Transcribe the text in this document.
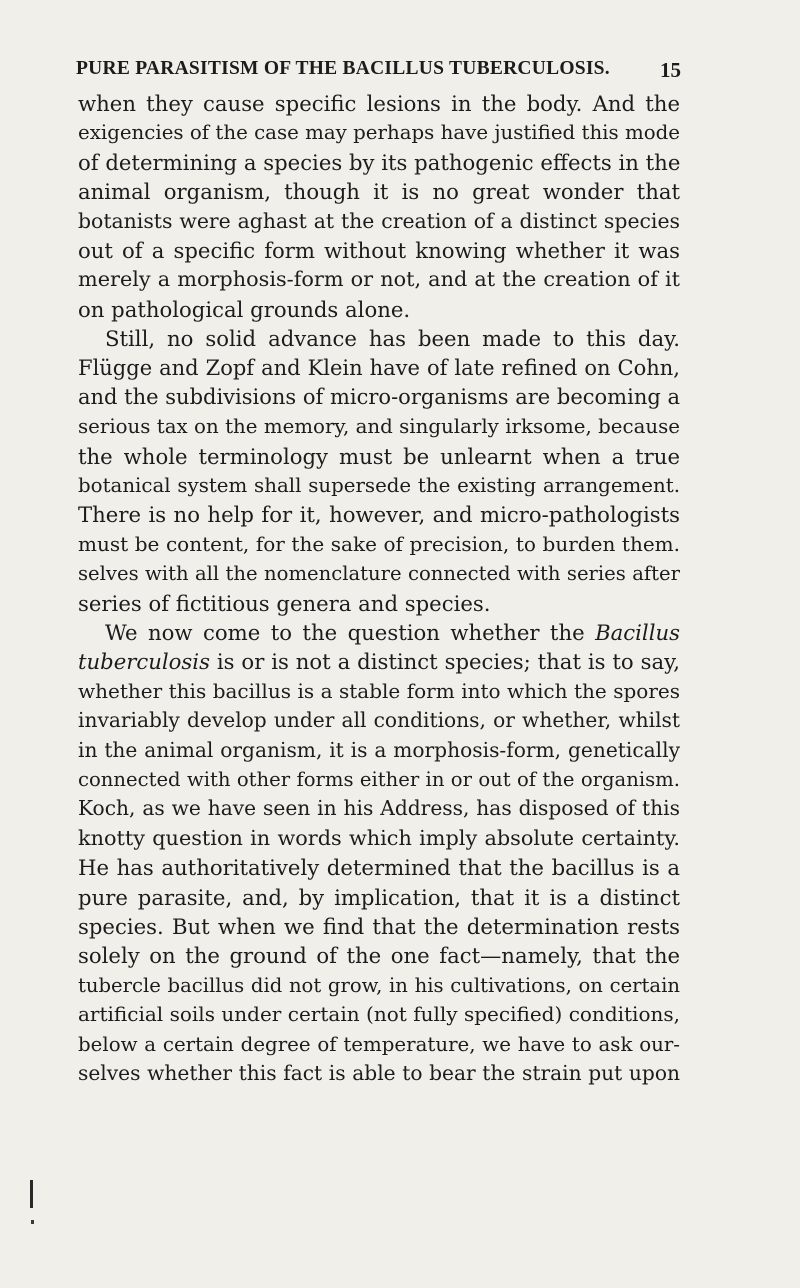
PURE PARASITISM OF THE BACILLUS TUBERCULOSIS. 15
when they cause specific lesions in the body. And the
exigencies of the case may perhaps have justified this mode
of determining a species by its pathogenic effects in the
animal organism, though it is no great wonder that
botanists were aghast at the creation of a distinct species
out of a specific form without knowing whether it was
merely a morphosis-form or not, and at the creation of it
on pathological grounds alone.
Still, no solid advance has been made to this day.
Flügge and Zopf and Klein have of late refined on Cohn,
and the subdivisions of micro-organisms are becoming a
serious tax on the memory, and singularly irksome, because
the whole terminology must be unlearnt when a true
botanical system shall supersede the existing arrangement.
There is no help for it, however, and micro-pathologists
must be content, for the sake of precision, to burden them.
selves with all the nomenclature connected with series after
series of fictitious genera and species.
We now come to the question whether the Bacillus
tuberculosis is or is not a distinct species; that is to say,
whether this bacillus is a stable form into which the spores
invariably develop under all conditions, or whether, whilst
in the animal organism, it is a morphosis-form, genetically
connected with other forms either in or out of the organism.
Koch, as we have seen in his Address, has disposed of this
knotty question in words which imply absolute certainty.
He has authoritatively determined that the bacillus is a
pure parasite, and, by implication, that it is a distinct
species. But when we find that the determination rests
solely on the ground of the one fact—namely, that the
tubercle bacillus did not grow, in his cultivations, on certain
artificial soils under certain (not fully specified) conditions,
below a certain degree of temperature, we have to ask our-
selves whether this fact is able to bear the strain put upon
